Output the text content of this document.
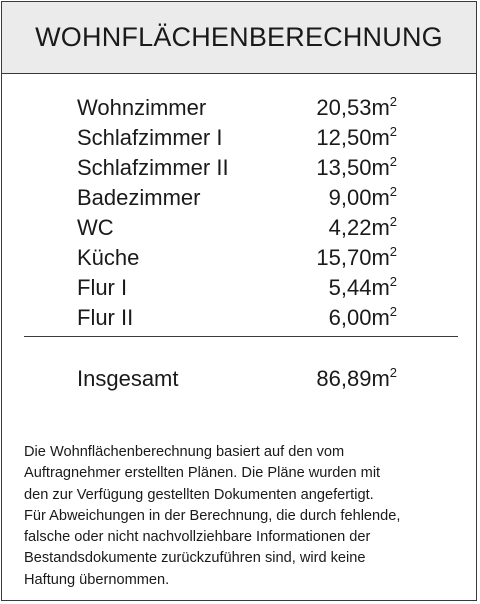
WOHNFLÄCHENBERECHNUNG
Wohnzimmer	$20,53m^2$
Schlafzimmer I	$12,50m^2$
Schlafzimmer II	$13,50m^2$
Badezimmer	$9,00m^2$
WC	$4,22m^2$
Küche	$15,70m^2$
Flur I	$5,44m^2$
Flur II	$6,00m^2$
Insgesamt	$86,89m^2$

Die Wohnflächenberechnung basiert auf den vom
Auftragnehmer erstellten Plänen. Die Pläne wurden mit
den zur Verfügung gestellten Dokumenten angefertigt.
Für Abweichungen in der Berechnung, die durch fehlende,
falsche oder nicht nachvollziehbare Informationen der
Bestandsdokumente zurückzuführen sind, wird keine
Haftung übernommen.
